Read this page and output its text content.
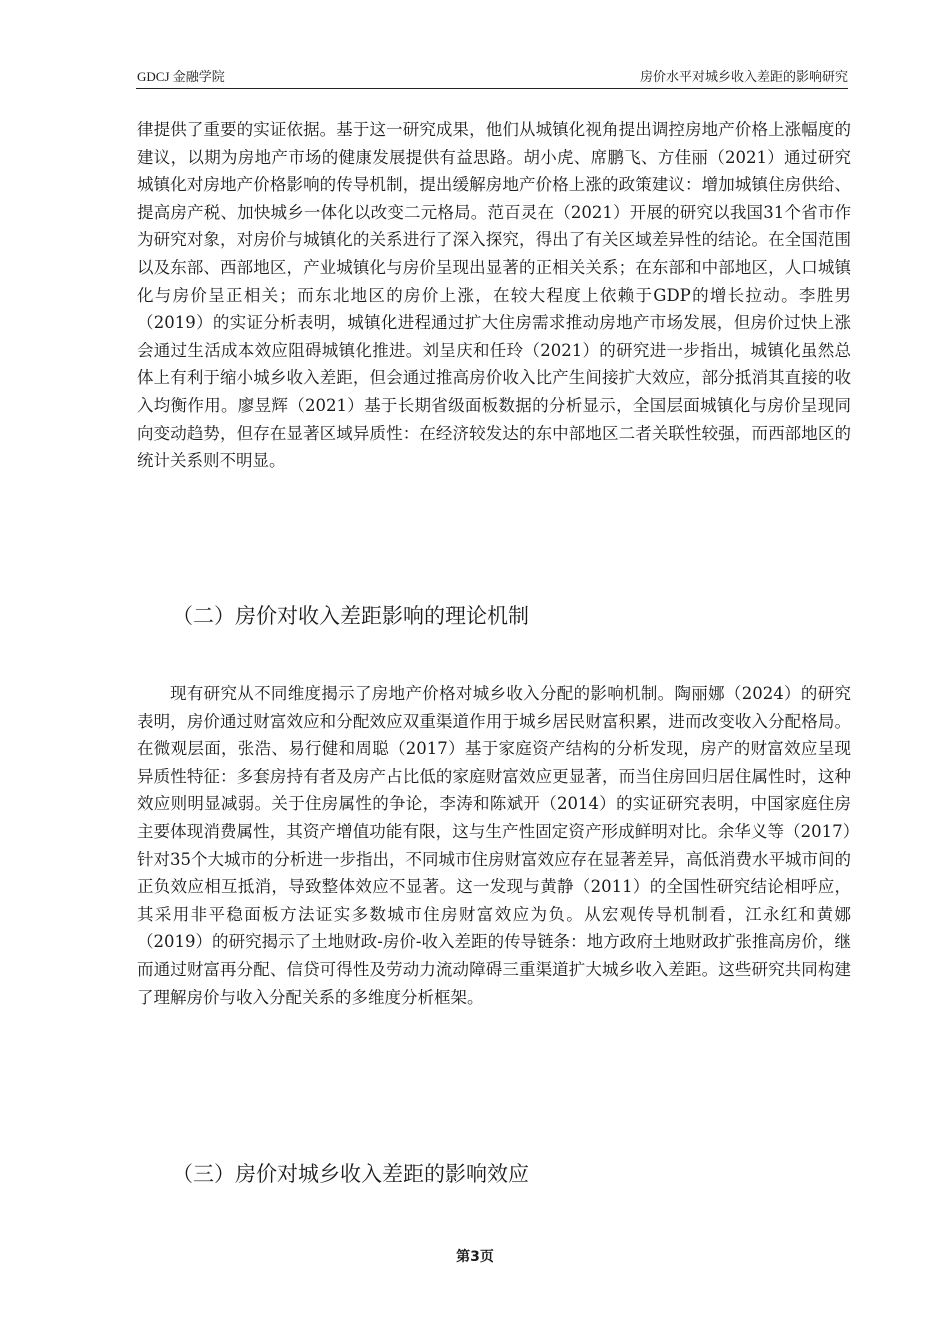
GDCJ 金融学院	房价水平对城乡收入差距的影响研究

律提供了重要的实证依据。基于这一研究成果，他们从城镇化视角提出调控房地产价格上涨幅度的建议，以期为房地产市场的健康发展提供有益思路。胡小虎、席鹏飞、方佳丽（2021）通过研究城镇化对房地产价格影响的传导机制，提出缓解房地产价格上涨的政策建议：增加城镇住房供给、提高房产税、加快城乡一体化以改变二元格局。范百灵在（2021）开展的研究以我国31个省市作为研究对象，对房价与城镇化的关系进行了深入探究，得出了有关区域差异性的结论。在全国范围以及东部、西部地区，产业城镇化与房价呈现出显著的正相关关系；在东部和中部地区，人口城镇化与房价呈正相关；而东北地区的房价上涨，在较大程度上依赖于GDP的增长拉动。李胜男（2019）的实证分析表明，城镇化进程通过扩大住房需求推动房地产市场发展，但房价过快上涨会通过生活成本效应阻碍城镇化推进。刘呈庆和任玲（2021）的研究进一步指出，城镇化虽然总体上有利于缩小城乡收入差距，但会通过推高房价收入比产生间接扩大效应，部分抵消其直接的收入均衡作用。廖昱辉（2021）基于长期省级面板数据的分析显示，全国层面城镇化与房价呈现同向变动趋势，但存在显著区域异质性：在经济较发达的东中部地区二者关联性较强，而西部地区的统计关系则不明显。

（二）房价对收入差距影响的理论机制

现有研究从不同维度揭示了房地产价格对城乡收入分配的影响机制。陶丽娜（2024）的研究表明，房价通过财富效应和分配效应双重渠道作用于城乡居民财富积累，进而改变收入分配格局。在微观层面，张浩、易行健和周聪（2017）基于家庭资产结构的分析发现，房产的财富效应呈现异质性特征：多套房持有者及房产占比低的家庭财富效应更显著，而当住房回归居住属性时，这种效应则明显减弱。关于住房属性的争论，李涛和陈斌开（2014）的实证研究表明，中国家庭住房主要体现消费属性，其资产增值功能有限，这与生产性固定资产形成鲜明对比。余华义等（2017）针对35个大城市的分析进一步指出，不同城市住房财富效应存在显著差异，高低消费水平城市间的正负效应相互抵消，导致整体效应不显著。这一发现与黄静（2011）的全国性研究结论相呼应，其采用非平稳面板方法证实多数城市住房财富效应为负。从宏观传导机制看，江永红和黄娜（2019）的研究揭示了土地财政-房价-收入差距的传导链条：地方政府土地财政扩张推高房价，继而通过财富再分配、信贷可得性及劳动力流动障碍三重渠道扩大城乡收入差距。这些研究共同构建了理解房价与收入分配关系的多维度分析框架。

（三）房价对城乡收入差距的影响效应
第3页
